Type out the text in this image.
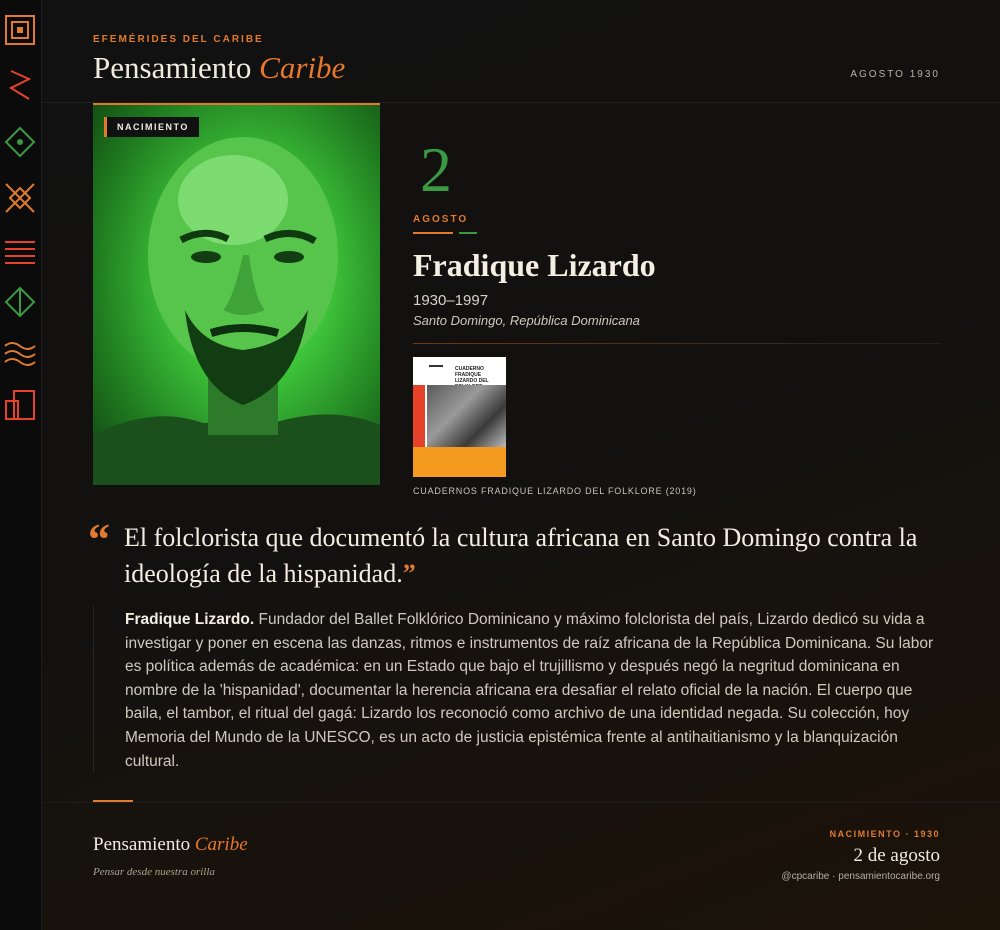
EFEMÉRIDES DEL CARIBE
Pensamiento Caribe	AGOSTO 1930
NACIMIENTO
2
AGOSTO
Fradique Lizardo
1930–1997
Santo Domingo, República Dominicana
CUADERNO FRADIQUE LIZARDO DEL
CUADERNOS FRADIQUE LIZARDO DEL FOLKLORE (2019)
“ El folclorista que documentó la cultura africana en Santo Domingo contra la ideología de la hispanidad.”

Fradique Lizardo. Fundador del Ballet Folklórico Dominicano y máximo folclorista del país, Lizardo dedicó su vida a investigar y poner en escena las danzas, ritmos e instrumentos de raíz africana de la República Dominicana. Su labor es política además de académica: en un Estado que bajo el trujillismo y después negó la negritud dominicana en nombre de la 'hispanidad', documentar la herencia africana era desafiar el relato oficial de la nación. El cuerpo que baila, el tambor, el ritual del gagá: Lizardo los reconoció como archivo de una identidad negada. Su colección, hoy Memoria del Mundo de la UNESCO, es un acto de justicia epistémica frente al antihaitianismo y la blanquización cultural.

Pensamiento Caribe
Pensar desde nuestra orilla
NACIMIENTO · 1930
2 de agosto
@cpcaribe · pensamientocaribe.org
